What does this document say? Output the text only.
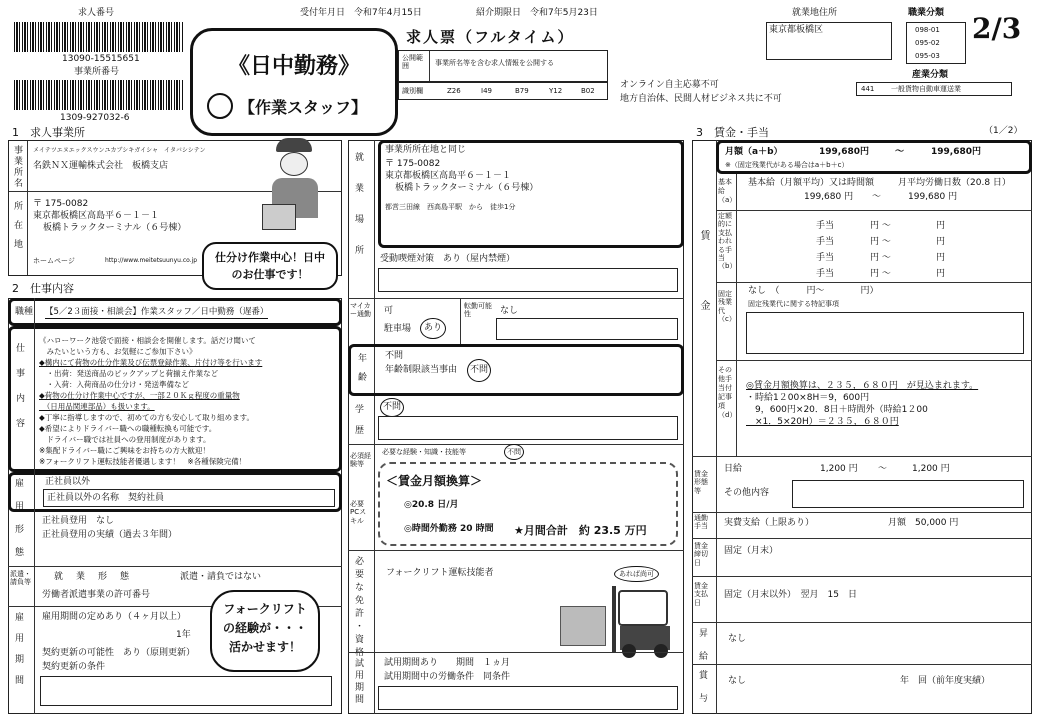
求人番号
13090-15515651
事業所番号
1309-927032-6
《日中勤務》
【作業スタッフ】
受付年月日　令和7年4月15日	紹介期限日　令和7年5月23日
求人票（フルタイム）
公開範囲	事業所名等を含む求人情報を公開する
識別欄	Z26	I49	B79	Y12	B02
オンライン自主応募不可
地方自治体、民間人材ビジネス共に不可
就業地住所
東京都板橋区
職業分類
098-01
095-02
095-03
2/3
産業分類
441 一般貨物自動車運送業
1　求人事業所
事業所名
所在地
メイテツエヌエックスウンユカブシキガイシャ　イタバシシテン
名鉄ＮＸ運輸株式会社　板橋支店
〒 175-0082
東京都板橋区高島平６－１－１
板橋トラックターミナル（６号棟）
ホームページ	http://www.meitetsuunyu.co.jp	仕分け作業中心！日中のお仕事です！
2　仕事内容
職種 【5／2３面接・相談会】作業スタッフ／日中勤務（遅番）
仕事内容
《ハローワーク池袋で面接・相談会を開催します。話だけ聞いて
　みたいという方も、お気軽にご参加下さい》
◆構内にて荷物の仕分作業及び伝票登録作業、片付け等を行います
　・出荷：発送商品のピックアップと荷揃え作業など
　・入荷：入荷商品の仕分け・発送準備など
◆荷物の仕分け作業中心ですが、一部２０Ｋｇ程度の重量物
　（日用品関連部品）も扱います。
◆丁寧に指導しますので、初めての方も安心して取り組めます。
◆希望によりドライバー職への職種転換も可能です。
　ドライバー職では社員への登用制度があります。
※集配ドライバー職にご興味をお持ちの方大歓迎！
※フォークリフト運転技能者優遇します！　※各種保険完備！
正社員以外
正社員以外の名称　契約社員
雇用形態 正社員登用　なし
正社員登用の実績（過去３年間）
派遣・請負等
就　業　形　態	派遣・請負ではない
労働者派遣事業の許可番号
雇用期間 雇用期間の定めあり（４ヶ月以上）
1年
契約更新の可能性　あり（原則更新）
契約更新の条件
フォークリフトの経験が・・・活かせます！
就業場所
事業所所在地と同じ
〒 175-0082
東京都板橋区高島平６－１－１
板橋トラックターミナル（６号棟）
都営三田線　西高島平駅　から　徒歩1分
受動喫煙対策　あり（屋内禁煙）
マイカー通勤	可
駐車場	あり
転勤可能性	なし
年齢 不問
年齢制限該当事由	不問
学歴	不問
必須経験等
必要な経験・知識・技能等	不問
必要PCスキル
＜賃金月額換算＞
◎20.8 日/月
◎時間外勤務 20 時間 ★月間合計　約 23.5 万円
必要な免許・資格	フォークリフト運転技能者	あれば尚可
試用期間 試用期間あり　　期間　１ヵ月
試用期間中の労働条件　同条件
3　賃金・手当	（1／2）
賃金
月額（a＋b）	199,680円	～	199,680円
※（固定残業代がある場合はa＋b＋c）
基本給（a）
基本給（月額平均）又は時間額	月平均労働日数（20.8 日）
199,680 円 ～	199,680 円
定額的に支払われる手当（b）
手当　　　　	円 ～　　　　　	円
手当　　　　	円 ～　　　　　	円
手当　　　　	円 ～　　　　　	円
手当　　　　	円 ～　　　　　	円
固定残業代（c）
なし　（　　　円～　　　　円）
固定残業代に関する特記事項
その他手当付記事項（d）
◎賃金月額換算は、２３５，６８０円　が見込まれます。
・時給1２00×8H＝9，600円
　9，600円×20．8日＋時間外（時給1２00
　×1．5×20H）＝２３５，６８０円
賃金形態等
日給	1,200 円 ～	1,200 円
その他内容
通勤手当	実費支給（上限あり）	月額　50,000 円
賃金締切日
固定（月末）
賃金支払日
固定（月末以外）　翌月　15　日
昇給 なし
賞与 なし	年　回（前年度実績）
